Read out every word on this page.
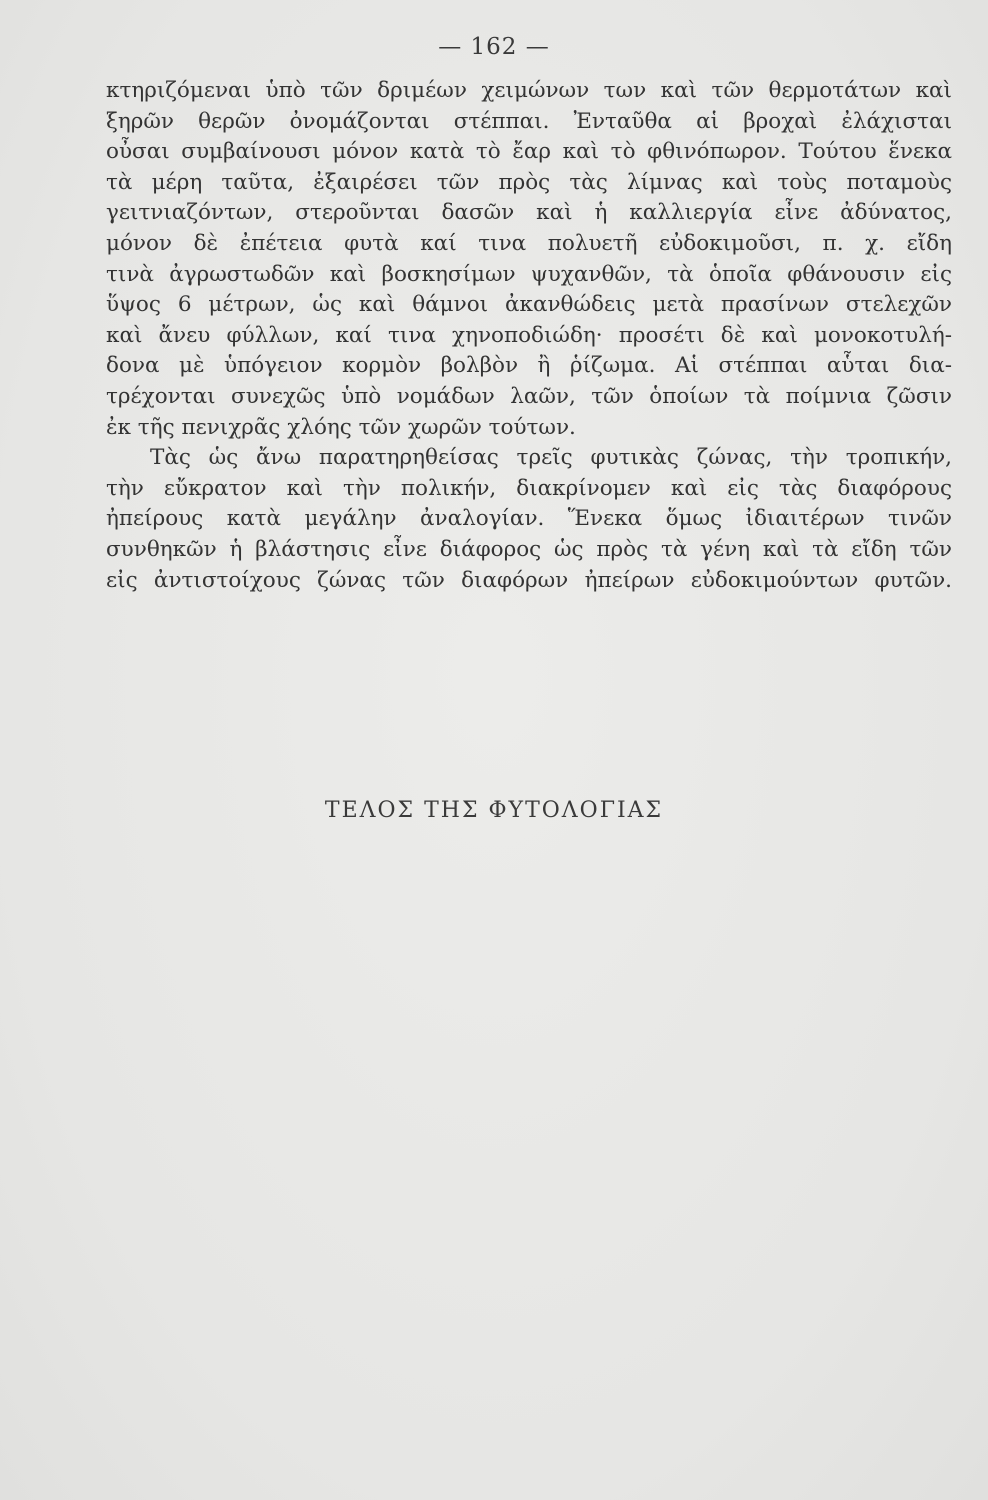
— 162 —
κτηριζόμεναι ὑπὸ τῶν δριμέων χειμώνων των καὶ τῶν θερμοτάτων καὶ
ξηρῶν θερῶν ὀνομάζονται στέππαι. Ἐνταῦθα αἱ βροχαὶ ἐλάχισται
οὖσαι συμβαίνουσι μόνον κατὰ τὸ ἔαρ καὶ τὸ φθινόπωρον. Τούτου ἕνεκα
τὰ μέρη ταῦτα, ἐξαιρέσει τῶν πρὸς τὰς λίμνας καὶ τοὺς ποταμοὺς
γειτνιαζόντων, στεροῦνται δασῶν καὶ ἡ καλλιεργία εἶνε ἀδύνατος,
μόνον δὲ ἐπέτεια φυτὰ καί τινα πολυετῆ εὐδοκιμοῦσι, π. χ. εἴδη
τινὰ ἀγρωστωδῶν καὶ βοσκησίμων ψυχανθῶν, τὰ ὁποῖα φθάνουσιν εἰς
ὕψος 6 μέτρων, ὡς καὶ θάμνοι ἀκανθώδεις μετὰ πρασίνων στελεχῶν
καὶ ἄνευ φύλλων, καί τινα χηνοποδιώδη· προσέτι δὲ καὶ μονοκοτυλή-
δονα μὲ ὑπόγειον κορμὸν βολβὸν ἢ ῥίζωμα. Αἱ στέππαι αὗται δια-
τρέχονται συνεχῶς ὑπὸ νομάδων λαῶν, τῶν ὁποίων τὰ ποίμνια ζῶσιν
ἐκ τῆς πενιχρᾶς χλόης τῶν χωρῶν τούτων.
Τὰς ὡς ἄνω παρατηρηθείσας τρεῖς φυτικὰς ζώνας, τὴν τροπικήν,
τὴν εὔκρατον καὶ τὴν πολικήν, διακρίνομεν καὶ εἰς τὰς διαφόρους
ἠπείρους κατὰ μεγάλην ἀναλογίαν. Ἕνεκα ὅμως ἰδιαιτέρων τινῶν
συνθηκῶν ἡ βλάστησις εἶνε διάφορος ὡς πρὸς τὰ γένη καὶ τὰ εἴδη τῶν
εἰς ἀντιστοίχους ζώνας τῶν διαφόρων ἠπείρων εὐδοκιμούντων φυτῶν.
ΤΕΛΟΣ ΤΗΣ ΦΥΤΟΛΟΓΙΑΣ
